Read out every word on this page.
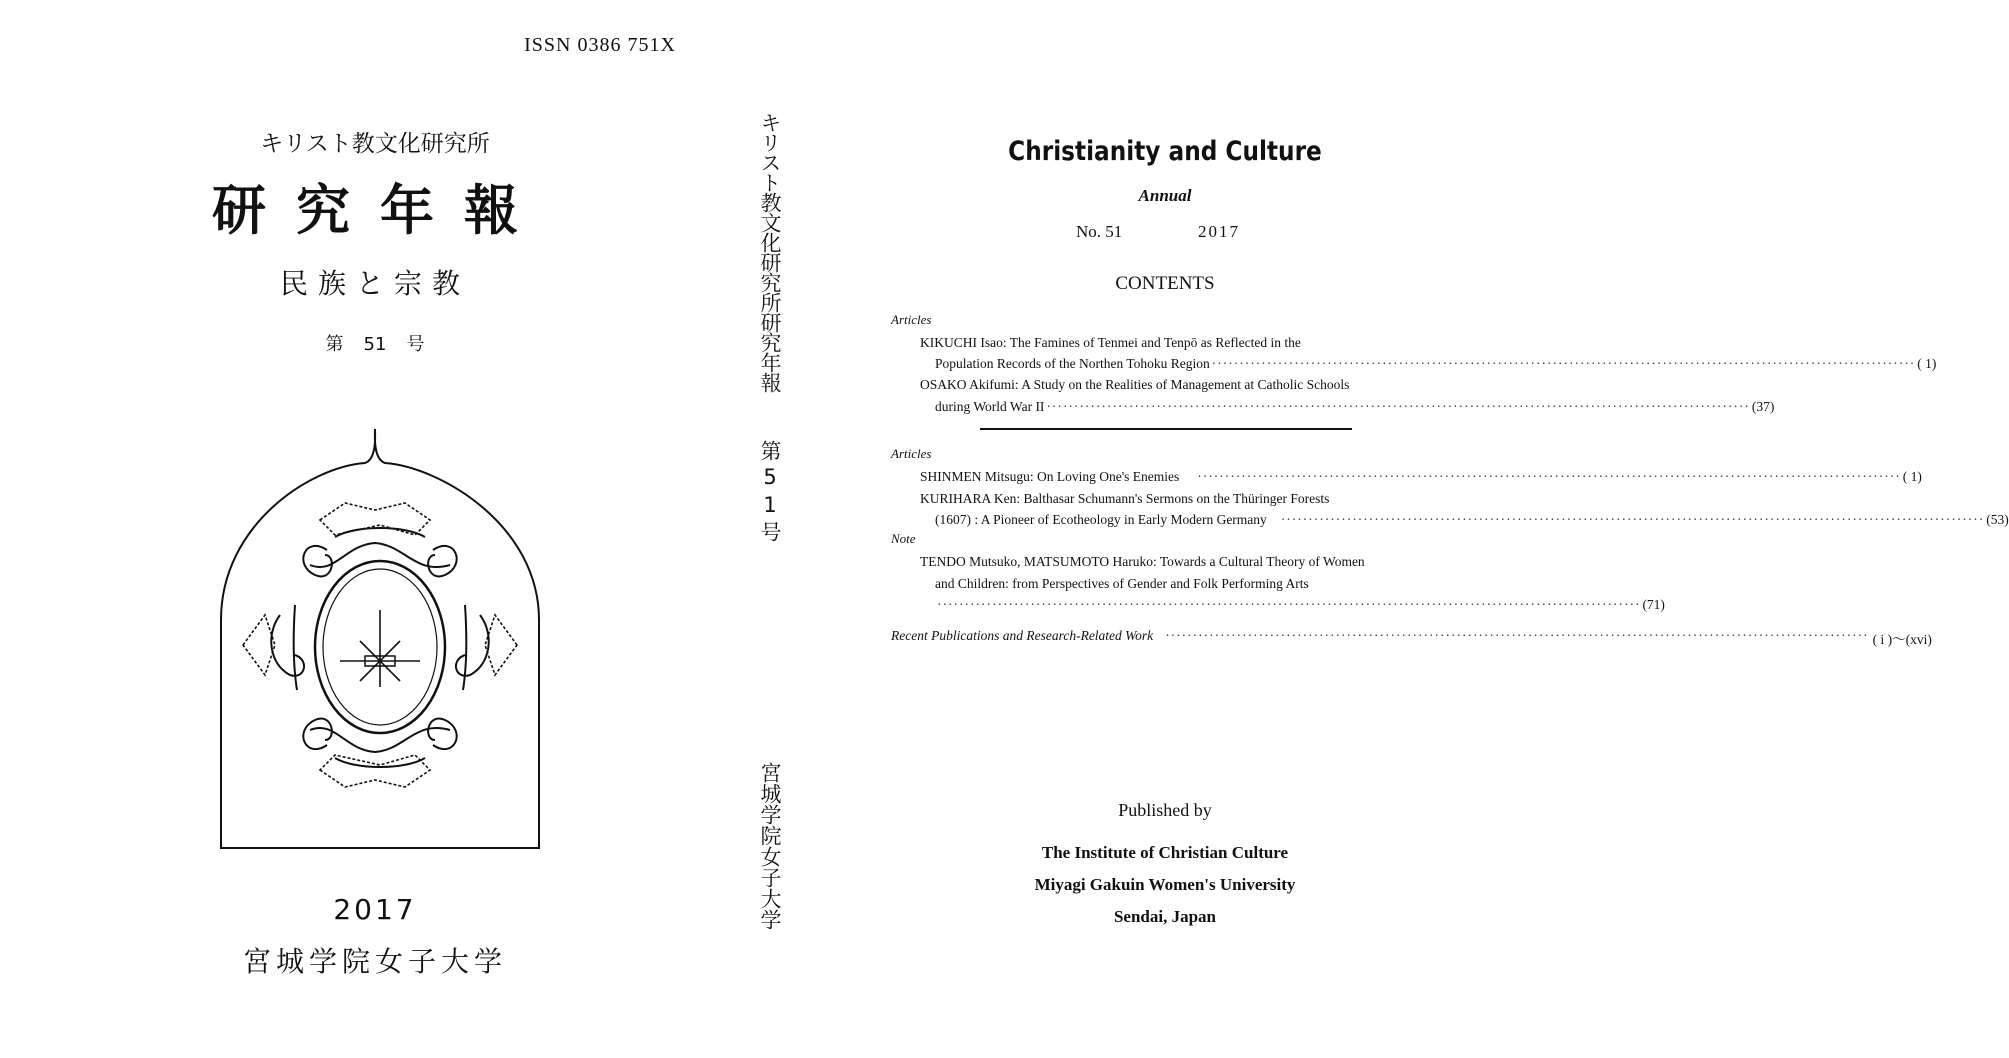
ISSN 0386 751X
キリスト教文化研究所
研究年報
民族と宗教
第 51 号
2017
宮城学院女子大学
キリスト教文化研究所研究年報
第51号
宮城学院女子大学
Christianity and Culture
Annual
No. 51	2017
CONTENTS
Articles
KIKUCHI Isao: The Famines of Tenmei and Tenpō as Reflected in the
Population Records of the Northen Tohoku Region ································································································································ ( 1)
OSAKO Akifumi: A Study on the Realities of Management at Catholic Schools
during World War II ································································································································ (37)
Articles
SHINMEN Mitsugu: On Loving One's Enemies ································································································································ ( 1)
KURIHARA Ken: Balthasar Schumann's Sermons on the Thüringer Forests
(1607) : A Pioneer of Ecotheology in Early Modern Germany ································································································································ (53)
Note
TENDO Mutsuko, MATSUMOTO Haruko: Towards a Cultural Theory of Women
and Children: from Perspectives of Gender and Folk Performing Arts
································································································································ (71)
Recent Publications and Research-Related Work ································································································································ ( i )～(xvi)
Published by
The Institute of Christian Culture
Miyagi Gakuin Women's University
Sendai, Japan
